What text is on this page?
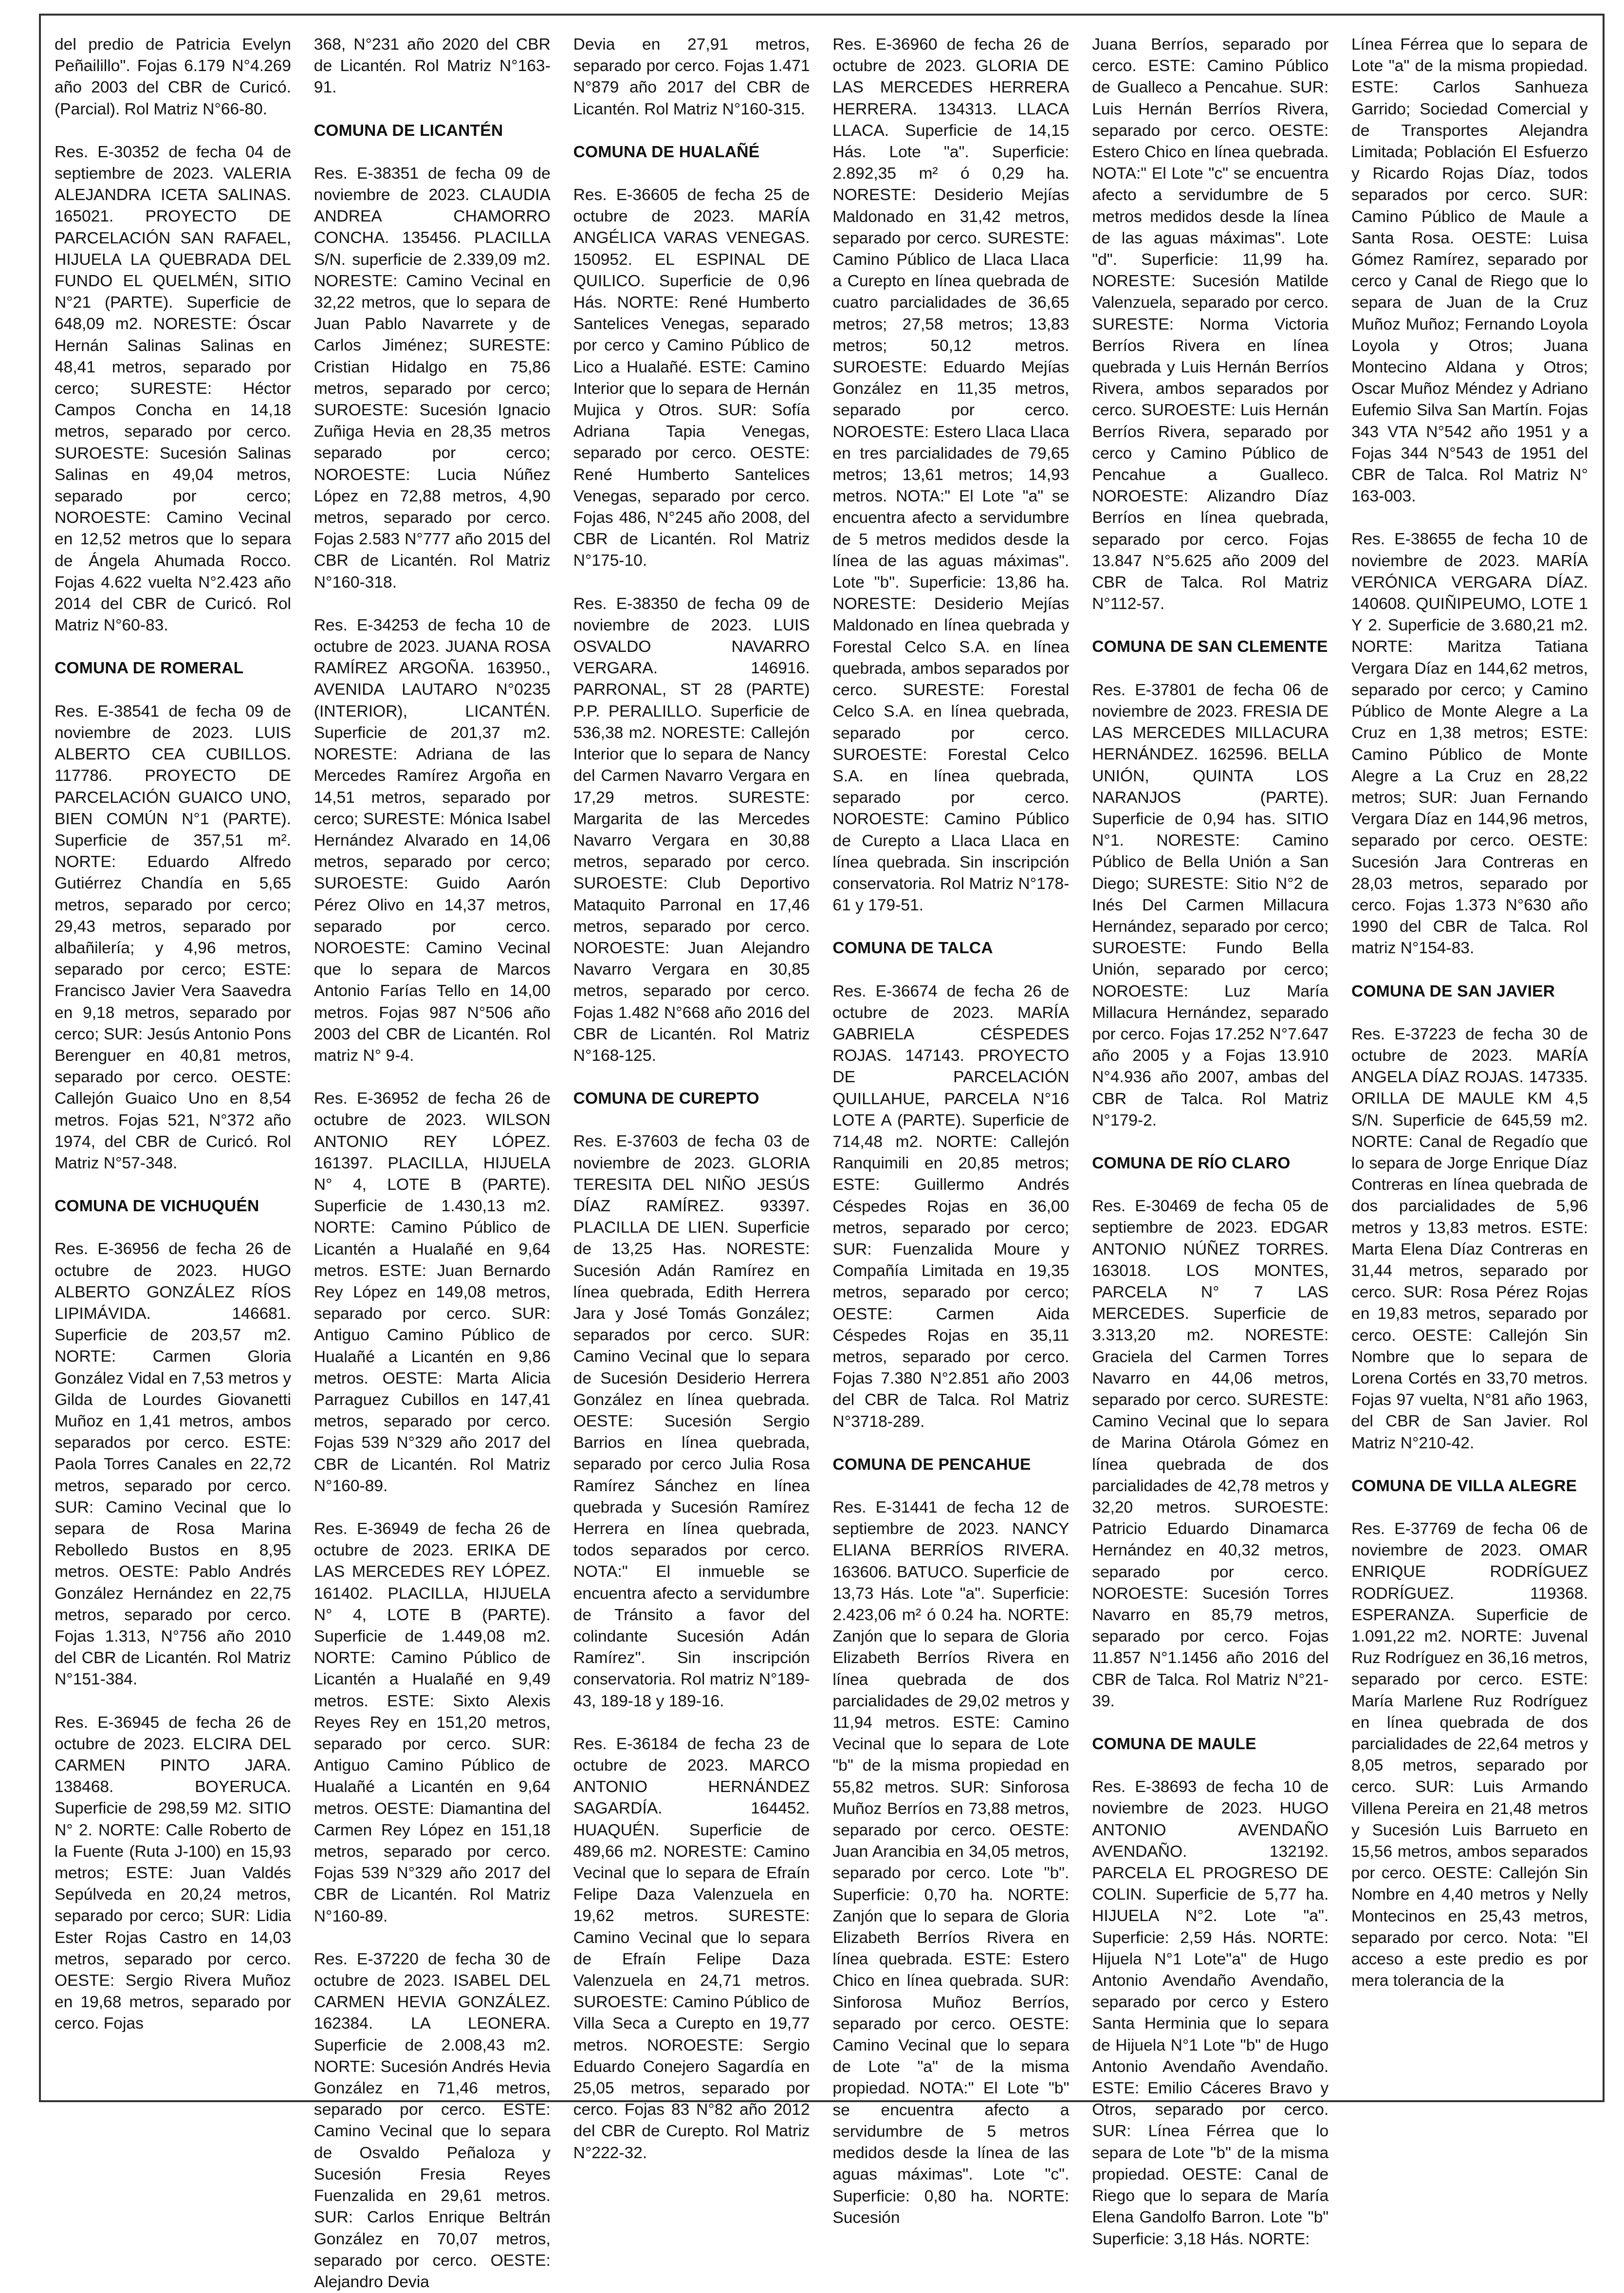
del predio de Patricia Evelyn Peñailillo". Fojas 6.179 N°4.269 año 2003 del CBR de Curicó. (Parcial). Rol Matriz N°66-80.
Res. E-30352 de fecha 04 de septiembre de 2023. VALERIA ALEJANDRA ICETA SALINAS. 165021. PROYECTO DE PARCELACIÓN SAN RAFAEL, HIJUELA LA QUEBRADA DEL FUNDO EL QUELMÉN, SITIO N°21 (PARTE). Superficie de 648,09 m2. NORESTE: Óscar Hernán Salinas Salinas en 48,41 metros, separado por cerco; SURESTE: Héctor Campos Concha en 14,18 metros, separado por cerco. SUROESTE: Sucesión Salinas Salinas en 49,04 metros, separado por cerco; NOROESTE: Camino Vecinal en 12,52 metros que lo separa de Ángela Ahumada Rocco. Fojas 4.622 vuelta N°2.423 año 2014 del CBR de Curicó. Rol Matriz N°60-83.
COMUNA DE ROMERAL
Res. E-38541 de fecha 09 de noviembre de 2023. LUIS ALBERTO CEA CUBILLOS. 117786. PROYECTO DE PARCELACIÓN GUAICO UNO, BIEN COMÚN N°1 (PARTE). Superficie de 357,51 m². NORTE: Eduardo Alfredo Gutiérrez Chandía en 5,65 metros, separado por cerco; 29,43 metros, separado por albañilería; y 4,96 metros, separado por cerco; ESTE: Francisco Javier Vera Saavedra en 9,18 metros, separado por cerco; SUR: Jesús Antonio Pons Berenguer en 40,81 metros, separado por cerco. OESTE: Callejón Guaico Uno en 8,54 metros. Fojas 521, N°372 año 1974, del CBR de Curicó. Rol Matriz N°57-348.
COMUNA DE VICHUQUÉN
Res. E-36956 de fecha 26 de octubre de 2023. HUGO ALBERTO GONZÁLEZ RÍOS LIPIMÁVIDA. 146681. Superficie de 203,57 m2. NORTE: Carmen Gloria González Vidal en 7,53 metros y Gilda de Lourdes Giovanetti Muñoz en 1,41 metros, ambos separados por cerco. ESTE: Paola Torres Canales en 22,72 metros, separado por cerco. SUR: Camino Vecinal que lo separa de Rosa Marina Rebolledo Bustos en 8,95 metros. OESTE: Pablo Andrés González Hernández en 22,75 metros, separado por cerco. Fojas 1.313, N°756 año 2010 del CBR de Licantén. Rol Matriz N°151-384.
Res. E-36945 de fecha 26 de octubre de 2023. ELCIRA DEL CARMEN PINTO JARA. 138468. BOYERUCA. Superficie de 298,59 M2. SITIO N° 2. NORTE: Calle Roberto de la Fuente (Ruta J-100) en 15,93 metros; ESTE: Juan Valdés Sepúlveda en 20,24 metros, separado por cerco; SUR: Lidia Ester Rojas Castro en 14,03 metros, separado por cerco. OESTE: Sergio Rivera Muñoz en 19,68 metros, separado por cerco. Fojas
368, N°231 año 2020 del CBR de Licantén. Rol Matriz N°163-91.
COMUNA DE LICANTÉN
Res. E-38351 de fecha 09 de noviembre de 2023. CLAUDIA ANDREA CHAMORRO CONCHA. 135456. PLACILLA S/N. superficie de 2.339,09 m2. NORESTE: Camino Vecinal en 32,22 metros, que lo separa de Juan Pablo Navarrete y de Carlos Jiménez; SURESTE: Cristian Hidalgo en 75,86 metros, separado por cerco; SUROESTE: Sucesión Ignacio Zuñiga Hevia en 28,35 metros separado por cerco; NOROESTE: Lucia Núñez López en 72,88 metros, 4,90 metros, separado por cerco. Fojas 2.583 N°777 año 2015 del CBR de Licantén. Rol Matriz N°160-318.
Res. E-34253 de fecha 10 de octubre de 2023. JUANA ROSA RAMÍREZ ARGOÑA. 163950., AVENIDA LAUTARO N°0235 (INTERIOR), LICANTÉN. Superficie de 201,37 m2. NORESTE: Adriana de las Mercedes Ramírez Argoña en 14,51 metros, separado por cerco; SURESTE: Mónica Isabel Hernández Alvarado en 14,06 metros, separado por cerco; SUROESTE: Guido Aarón Pérez Olivo en 14,37 metros, separado por cerco. NOROESTE: Camino Vecinal que lo separa de Marcos Antonio Farías Tello en 14,00 metros. Fojas 987 N°506 año 2003 del CBR de Licantén. Rol matriz N° 9-4.
Res. E-36952 de fecha 26 de octubre de 2023. WILSON ANTONIO REY LÓPEZ. 161397. PLACILLA, HIJUELA N° 4, LOTE B (PARTE). Superficie de 1.430,13 m2. NORTE: Camino Público de Licantén a Hualañé en 9,64 metros. ESTE: Juan Bernardo Rey López en 149,08 metros, separado por cerco. SUR: Antiguo Camino Público de Hualañé a Licantén en 9,86 metros. OESTE: Marta Alicia Parraguez Cubillos en 147,41 metros, separado por cerco. Fojas 539 N°329 año 2017 del CBR de Licantén. Rol Matriz N°160-89.
Res. E-36949 de fecha 26 de octubre de 2023. ERIKA DE LAS MERCEDES REY LÓPEZ. 161402. PLACILLA, HIJUELA N° 4, LOTE B (PARTE). Superficie de 1.449,08 m2. NORTE: Camino Público de Licantén a Hualañé en 9,49 metros. ESTE: Sixto Alexis Reyes Rey en 151,20 metros, separado por cerco. SUR: Antiguo Camino Público de Hualañé a Licantén en 9,64 metros. OESTE: Diamantina del Carmen Rey López en 151,18 metros, separado por cerco. Fojas 539 N°329 año 2017 del CBR de Licantén. Rol Matriz N°160-89.
Res. E-37220 de fecha 30 de octubre de 2023. ISABEL DEL CARMEN HEVIA GONZÁLEZ. 162384. LA LEONERA. Superficie de 2.008,43 m2. NORTE: Sucesión Andrés Hevia González en 71,46 metros, separado por cerco. ESTE: Camino Vecinal que lo separa de Osvaldo Peñaloza y Sucesión Fresia Reyes Fuenzalida en 29,61 metros. SUR: Carlos Enrique Beltrán González en 70,07 metros, separado por cerco. OESTE: Alejandro Devia
Devia en 27,91 metros, separado por cerco. Fojas 1.471 N°879 año 2017 del CBR de Licantén. Rol Matriz N°160-315.
COMUNA DE HUALAÑÉ
Res. E-36605 de fecha 25 de octubre de 2023. MARÍA ANGÉLICA VARAS VENEGAS. 150952. EL ESPINAL DE QUILICO. Superficie de 0,96 Hás. NORTE: René Humberto Santelices Venegas, separado por cerco y Camino Público de Lico a Hualañé. ESTE: Camino Interior que lo separa de Hernán Mujica y Otros. SUR: Sofía Adriana Tapia Venegas, separado por cerco. OESTE: René Humberto Santelices Venegas, separado por cerco. Fojas 486, N°245 año 2008, del CBR de Licantén. Rol Matriz N°175-10.
Res. E-38350 de fecha 09 de noviembre de 2023. LUIS OSVALDO NAVARRO VERGARA. 146916. PARRONAL, ST 28 (PARTE) P.P. PERALILLO. Superficie de 536,38 m2. NORESTE: Callejón Interior que lo separa de Nancy del Carmen Navarro Vergara en 17,29 metros. SURESTE: Margarita de las Mercedes Navarro Vergara en 30,88 metros, separado por cerco. SUROESTE: Club Deportivo Mataquito Parronal en 17,46 metros, separado por cerco. NOROESTE: Juan Alejandro Navarro Vergara en 30,85 metros, separado por cerco. Fojas 1.482 N°668 año 2016 del CBR de Licantén. Rol Matriz N°168-125.
COMUNA DE CUREPTO
Res. E-37603 de fecha 03 de noviembre de 2023. GLORIA TERESITA DEL NIÑO JESÚS DÍAZ RAMÍREZ. 93397. PLACILLA DE LIEN. Superficie de 13,25 Has. NORESTE: Sucesión Adán Ramírez en línea quebrada, Edith Herrera Jara y José Tomás González; separados por cerco. SUR: Camino Vecinal que lo separa de Sucesión Desiderio Herrera González en línea quebrada. OESTE: Sucesión Sergio Barrios en línea quebrada, separado por cerco Julia Rosa Ramírez Sánchez en línea quebrada y Sucesión Ramírez Herrera en línea quebrada, todos separados por cerco. NOTA:" El inmueble se encuentra afecto a servidumbre de Tránsito a favor del colindante Sucesión Adán Ramírez". Sin inscripción conservatoria. Rol matriz N°189-43, 189-18 y 189-16.
Res. E-36184 de fecha 23 de octubre de 2023. MARCO ANTONIO HERNÁNDEZ SAGARDÍA. 164452. HUAQUÉN. Superficie de 489,66 m2. NORESTE: Camino Vecinal que lo separa de Efraín Felipe Daza Valenzuela en 19,62 metros. SURESTE: Camino Vecinal que lo separa de Efraín Felipe Daza Valenzuela en 24,71 metros. SUROESTE: Camino Público de Villa Seca a Curepto en 19,77 metros. NOROESTE: Sergio Eduardo Conejero Sagardía en 25,05 metros, separado por cerco. Fojas 83 N°82 año 2012 del CBR de Curepto. Rol Matriz N°222-32.
Res. E-36960 de fecha 26 de octubre de 2023. GLORIA DE LAS MERCEDES HERRERA HERRERA. 134313. LLACA LLACA. Superficie de 14,15 Hás. Lote "a". Superficie: 2.892,35 m² ó 0,29 ha. NORESTE: Desiderio Mejías Maldonado en 31,42 metros, separado por cerco. SURESTE: Camino Público de Llaca Llaca a Curepto en línea quebrada de cuatro parcialidades de 36,65 metros; 27,58 metros; 13,83 metros; 50,12 metros. SUROESTE: Eduardo Mejías González en 11,35 metros, separado por cerco. NOROESTE: Estero Llaca Llaca en tres parcialidades de 79,65 metros; 13,61 metros; 14,93 metros. NOTA:" El Lote "a" se encuentra afecto a servidumbre de 5 metros medidos desde la línea de las aguas máximas". Lote "b". Superficie: 13,86 ha. NORESTE: Desiderio Mejías Maldonado en línea quebrada y Forestal Celco S.A. en línea quebrada, ambos separados por cerco. SURESTE: Forestal Celco S.A. en línea quebrada, separado por cerco. SUROESTE: Forestal Celco S.A. en línea quebrada, separado por cerco. NOROESTE: Camino Público de Curepto a Llaca Llaca en línea quebrada. Sin inscripción conservatoria. Rol Matriz N°178-61 y 179-51.
COMUNA DE TALCA
Res. E-36674 de fecha 26 de octubre de 2023. MARÍA GABRIELA CÉSPEDES ROJAS. 147143. PROYECTO DE PARCELACIÓN QUILLAHUE, PARCELA N°16 LOTE A (PARTE). Superficie de 714,48 m2. NORTE: Callejón Ranquimili en 20,85 metros; ESTE: Guillermo Andrés Céspedes Rojas en 36,00 metros, separado por cerco; SUR: Fuenzalida Moure y Compañía Limitada en 19,35 metros, separado por cerco; OESTE: Carmen Aida Céspedes Rojas en 35,11 metros, separado por cerco. Fojas 7.380 N°2.851 año 2003 del CBR de Talca. Rol Matriz N°3718-289.
COMUNA DE PENCAHUE
Res. E-31441 de fecha 12 de septiembre de 2023. NANCY ELIANA BERRÍOS RIVERA. 163606. BATUCO. Superficie de 13,73 Hás. Lote "a". Superficie: 2.423,06 m² ó 0.24 ha. NORTE: Zanjón que lo separa de Gloria Elizabeth Berríos Rivera en línea quebrada de dos parcialidades de 29,02 metros y 11,94 metros. ESTE: Camino Vecinal que lo separa de Lote "b" de la misma propiedad en 55,82 metros. SUR: Sinforosa Muñoz Berríos en 73,88 metros, separado por cerco. OESTE: Juan Arancibia en 34,05 metros, separado por cerco. Lote "b". Superficie: 0,70 ha. NORTE: Zanjón que lo separa de Gloria Elizabeth Berríos Rivera en línea quebrada. ESTE: Estero Chico en línea quebrada. SUR: Sinforosa Muñoz Berríos, separado por cerco. OESTE: Camino Vecinal que lo separa de Lote "a" de la misma propiedad. NOTA:" El Lote "b" se encuentra afecto a servidumbre de 5 metros medidos desde la línea de las aguas máximas". Lote "c". Superficie: 0,80 ha. NORTE: Sucesión
Juana Berríos, separado por cerco. ESTE: Camino Público de Gualleco a Pencahue. SUR: Luis Hernán Berríos Rivera, separado por cerco. OESTE: Estero Chico en línea quebrada. NOTA:" El Lote "c" se encuentra afecto a servidumbre de 5 metros medidos desde la línea de las aguas máximas". Lote "d". Superficie: 11,99 ha. NORESTE: Sucesión Matilde Valenzuela, separado por cerco. SURESTE: Norma Victoria Berríos Rivera en línea quebrada y Luis Hernán Berríos Rivera, ambos separados por cerco. SUROESTE: Luis Hernán Berríos Rivera, separado por cerco y Camino Público de Pencahue a Gualleco. NOROESTE: Alizandro Díaz Berríos en línea quebrada, separado por cerco. Fojas 13.847 N°5.625 año 2009 del CBR de Talca. Rol Matriz N°112-57.
COMUNA DE SAN CLEMENTE
Res. E-37801 de fecha 06 de noviembre de 2023. FRESIA DE LAS MERCEDES MILLACURA HERNÁNDEZ. 162596. BELLA UNIÓN, QUINTA LOS NARANJOS (PARTE). Superficie de 0,94 has. SITIO N°1. NORESTE: Camino Público de Bella Unión a San Diego; SURESTE: Sitio N°2 de Inés Del Carmen Millacura Hernández, separado por cerco; SUROESTE: Fundo Bella Unión, separado por cerco; NOROESTE: Luz María Millacura Hernández, separado por cerco. Fojas 17.252 N°7.647 año 2005 y a Fojas 13.910 N°4.936 año 2007, ambas del CBR de Talca. Rol Matriz N°179-2.
COMUNA DE RÍO CLARO
Res. E-30469 de fecha 05 de septiembre de 2023. EDGAR ANTONIO NÚÑEZ TORRES. 163018. LOS MONTES, PARCELA N° 7 LAS MERCEDES. Superficie de 3.313,20 m2. NORESTE: Graciela del Carmen Torres Navarro en 44,06 metros, separado por cerco. SURESTE: Camino Vecinal que lo separa de Marina Otárola Gómez en línea quebrada de dos parcialidades de 42,78 metros y 32,20 metros. SUROESTE: Patricio Eduardo Dinamarca Hernández en 40,32 metros, separado por cerco. NOROESTE: Sucesión Torres Navarro en 85,79 metros, separado por cerco. Fojas 11.857 N°1.1456 año 2016 del CBR de Talca. Rol Matriz N°21-39.
COMUNA DE MAULE
Res. E-38693 de fecha 10 de noviembre de 2023. HUGO ANTONIO AVENDAÑO AVENDAÑO. 132192. PARCELA EL PROGRESO DE COLIN. Superficie de 5,77 ha. HIJUELA N°2. Lote "a". Superficie: 2,59 Hás. NORTE: Hijuela N°1 Lote"a" de Hugo Antonio Avendaño Avendaño, separado por cerco y Estero Santa Herminia que lo separa de Hijuela N°1 Lote "b" de Hugo Antonio Avendaño Avendaño. ESTE: Emilio Cáceres Bravo y Otros, separado por cerco. SUR: Línea Férrea que lo separa de Lote "b" de la misma propiedad. OESTE: Canal de Riego que lo separa de María Elena Gandolfo Barron. Lote "b" Superficie: 3,18 Hás. NORTE:
Línea Férrea que lo separa de Lote "a" de la misma propiedad. ESTE: Carlos Sanhueza Garrido; Sociedad Comercial y de Transportes Alejandra Limitada; Población El Esfuerzo y Ricardo Rojas Díaz, todos separados por cerco. SUR: Camino Público de Maule a Santa Rosa. OESTE: Luisa Gómez Ramírez, separado por cerco y Canal de Riego que lo separa de Juan de la Cruz Muñoz Muñoz; Fernando Loyola Loyola y Otros; Juana Montecino Aldana y Otros; Oscar Muñoz Méndez y Adriano Eufemio Silva San Martín. Fojas 343 VTA N°542 año 1951 y a Fojas 344 N°543 de 1951 del CBR de Talca. Rol Matriz N° 163-003.
Res. E-38655 de fecha 10 de noviembre de 2023. MARÍA VERÓNICA VERGARA DÍAZ. 140608. QUIÑIPEUMO, LOTE 1 Y 2. Superficie de 3.680,21 m2. NORTE: Maritza Tatiana Vergara Díaz en 144,62 metros, separado por cerco; y Camino Público de Monte Alegre a La Cruz en 1,38 metros; ESTE: Camino Público de Monte Alegre a La Cruz en 28,22 metros; SUR: Juan Fernando Vergara Díaz en 144,96 metros, separado por cerco. OESTE: Sucesión Jara Contreras en 28,03 metros, separado por cerco. Fojas 1.373 N°630 año 1990 del CBR de Talca. Rol matriz N°154-83.
COMUNA DE SAN JAVIER
Res. E-37223 de fecha 30 de octubre de 2023. MARÍA ANGELA DÍAZ ROJAS. 147335. ORILLA DE MAULE KM 4,5 S/N. Superficie de 645,59 m2. NORTE: Canal de Regadío que lo separa de Jorge Enrique Díaz Contreras en línea quebrada de dos parcialidades de 5,96 metros y 13,83 metros. ESTE: Marta Elena Díaz Contreras en 31,44 metros, separado por cerco. SUR: Rosa Pérez Rojas en 19,83 metros, separado por cerco. OESTE: Callejón Sin Nombre que lo separa de Lorena Cortés en 33,70 metros. Fojas 97 vuelta, N°81 año 1963, del CBR de San Javier. Rol Matriz N°210-42.
COMUNA DE VILLA ALEGRE
Res. E-37769 de fecha 06 de noviembre de 2023. OMAR ENRIQUE RODRÍGUEZ RODRÍGUEZ. 119368. ESPERANZA. Superficie de 1.091,22 m2. NORTE: Juvenal Ruz Rodríguez en 36,16 metros, separado por cerco. ESTE: María Marlene Ruz Rodríguez en línea quebrada de dos parcialidades de 22,64 metros y 8,05 metros, separado por cerco. SUR: Luis Armando Villena Pereira en 21,48 metros y Sucesión Luis Barrueto en 15,56 metros, ambos separados por cerco. OESTE: Callejón Sin Nombre en 4,40 metros y Nelly Montecinos en 25,43 metros, separado por cerco. Nota: "El acceso a este predio es por mera tolerancia de la
